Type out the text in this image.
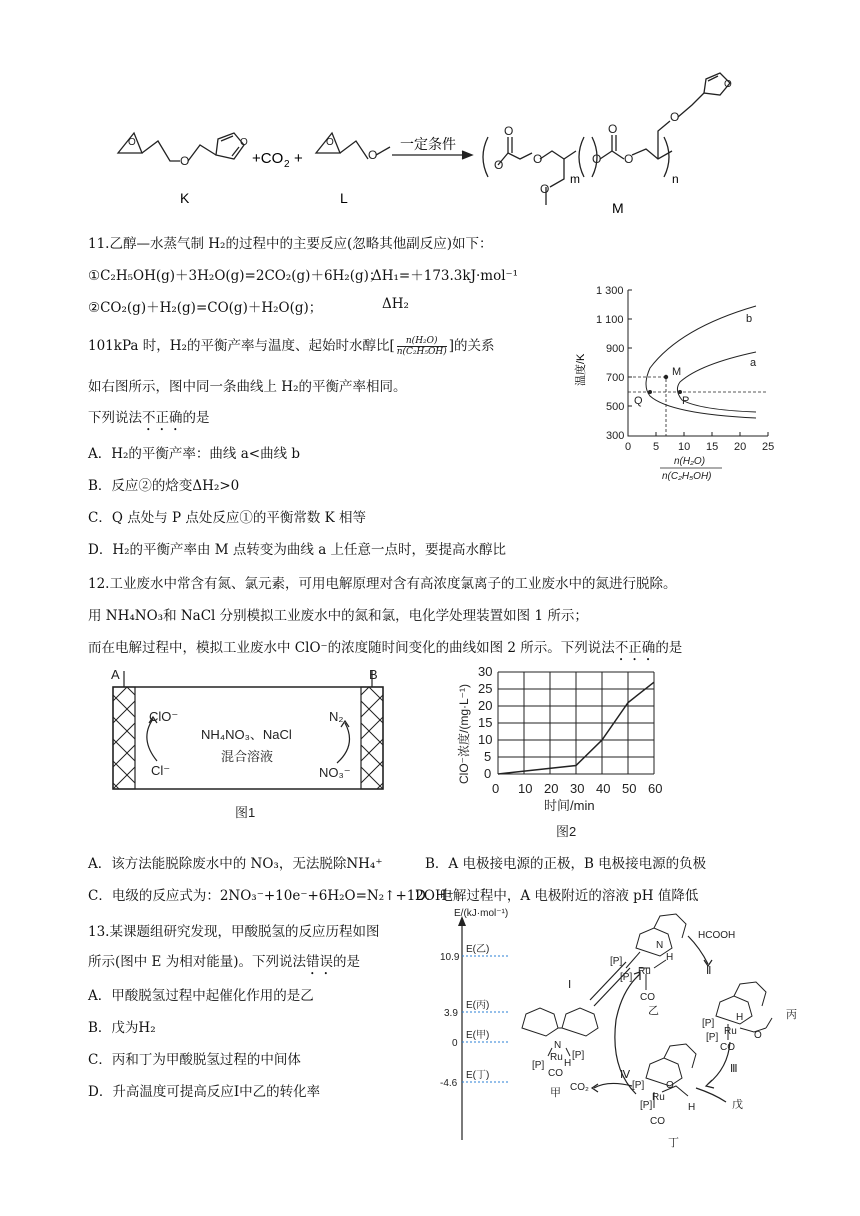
O
O
O
O
O
O
O
O
O
O
O
O
O
O
K	L
M
+CO 2 +
一定条件
m	n
11.乙醇—水蒸气制 H₂的过程中的主要反应(忽略其他副反应)如下：
①C₂H₅OH(g)＋3H₂O(g)=2CO₂(g)＋6H₂(g)；
ΔH₁=＋173.3kJ·mol⁻¹
②CO₂(g)＋H₂(g)=CO(g)＋H₂O(g)；	ΔH₂
101kPa 时，H₂的平衡产率与温度、起始时水醇比[ $\frac{\text{n(H₂O)}}{\text{n(C₂H₅OH)}}$ ]的关系
如右图所示，图中同一条曲线上 H₂的平衡产率相同。
下列说法不正确的是
A．H₂的平衡产率：曲线 a<曲线 b
B．反应②的焓变ΔH₂>0
C．Q 点处与 P 点处反应①的平衡常数 K 相等
D．H₂的平衡产率由 M 点转变为曲线 a 上任意一点时，要提高水醇比
1 300
1 100
900
700
500
300
0 5 10 15 20 25
b
a
M
Q	P
n(H₂O)
n(C₂H₅OH)
温度/K
12.工业废水中常含有氮、氯元素，可用电解原理对含有高浓度氯离子的工业废水中的氮进行脱除。
用 NH₄NO₃和 NaCl 分别模拟工业废水中的氮和氯，电化学处理装置如图 1 所示；
而在电解过程中，模拟工业废水中 ClO⁻的浓度随时间变化的曲线如图 2 所示。下列说法不正确的是
A	B
ClO⁻
Cl⁻
N₂
NO₃⁻
NH₄NO₃、NaCl
混合溶液
图1
30
25
20
15
10
5
0
0 10 20 30 40 50 60
时间/min
图2
ClO⁻浓度/(mg·L⁻¹)
A．该方法能脱除废水中的 NO₃，无法脱除NH₄⁺	B．A 电极接电源的正极，B 电极接电源的负极
C．电级的反应式为：2NO₃⁻+10e⁻+6H₂O=N₂↑+12OH⁻
D．电解过程中，A 电极附近的溶液 pH 值降低
13.某课题组研究发现，甲酸脱氢的反应历程如图
所示(图中 E 为相对能量)。下列说法错误的是
A．甲酸脱氢过程中起催化作用的是乙
B．戊为H₂
C．丙和丁为甲酸脱氢过程的中间体
D．升高温度可提高反应Ⅰ中乙的转化率
E/(kJ·mol⁻¹)
10.9
E(乙)
3.9
E(丙)
0
E(甲)
-4.6
E(丁)
[P]
[P]
Ru
H
CO
N
乙
HCOOH
Ⅱ
[P]
[P]
Ru
H
CO
O
丙
Ⅲ
[P]
[P]
Ru
H
CO
O
丁
戊
Ⅳ
CO₂
[P]
[P]
Ru
H
CO
N
甲
Ⅰ
